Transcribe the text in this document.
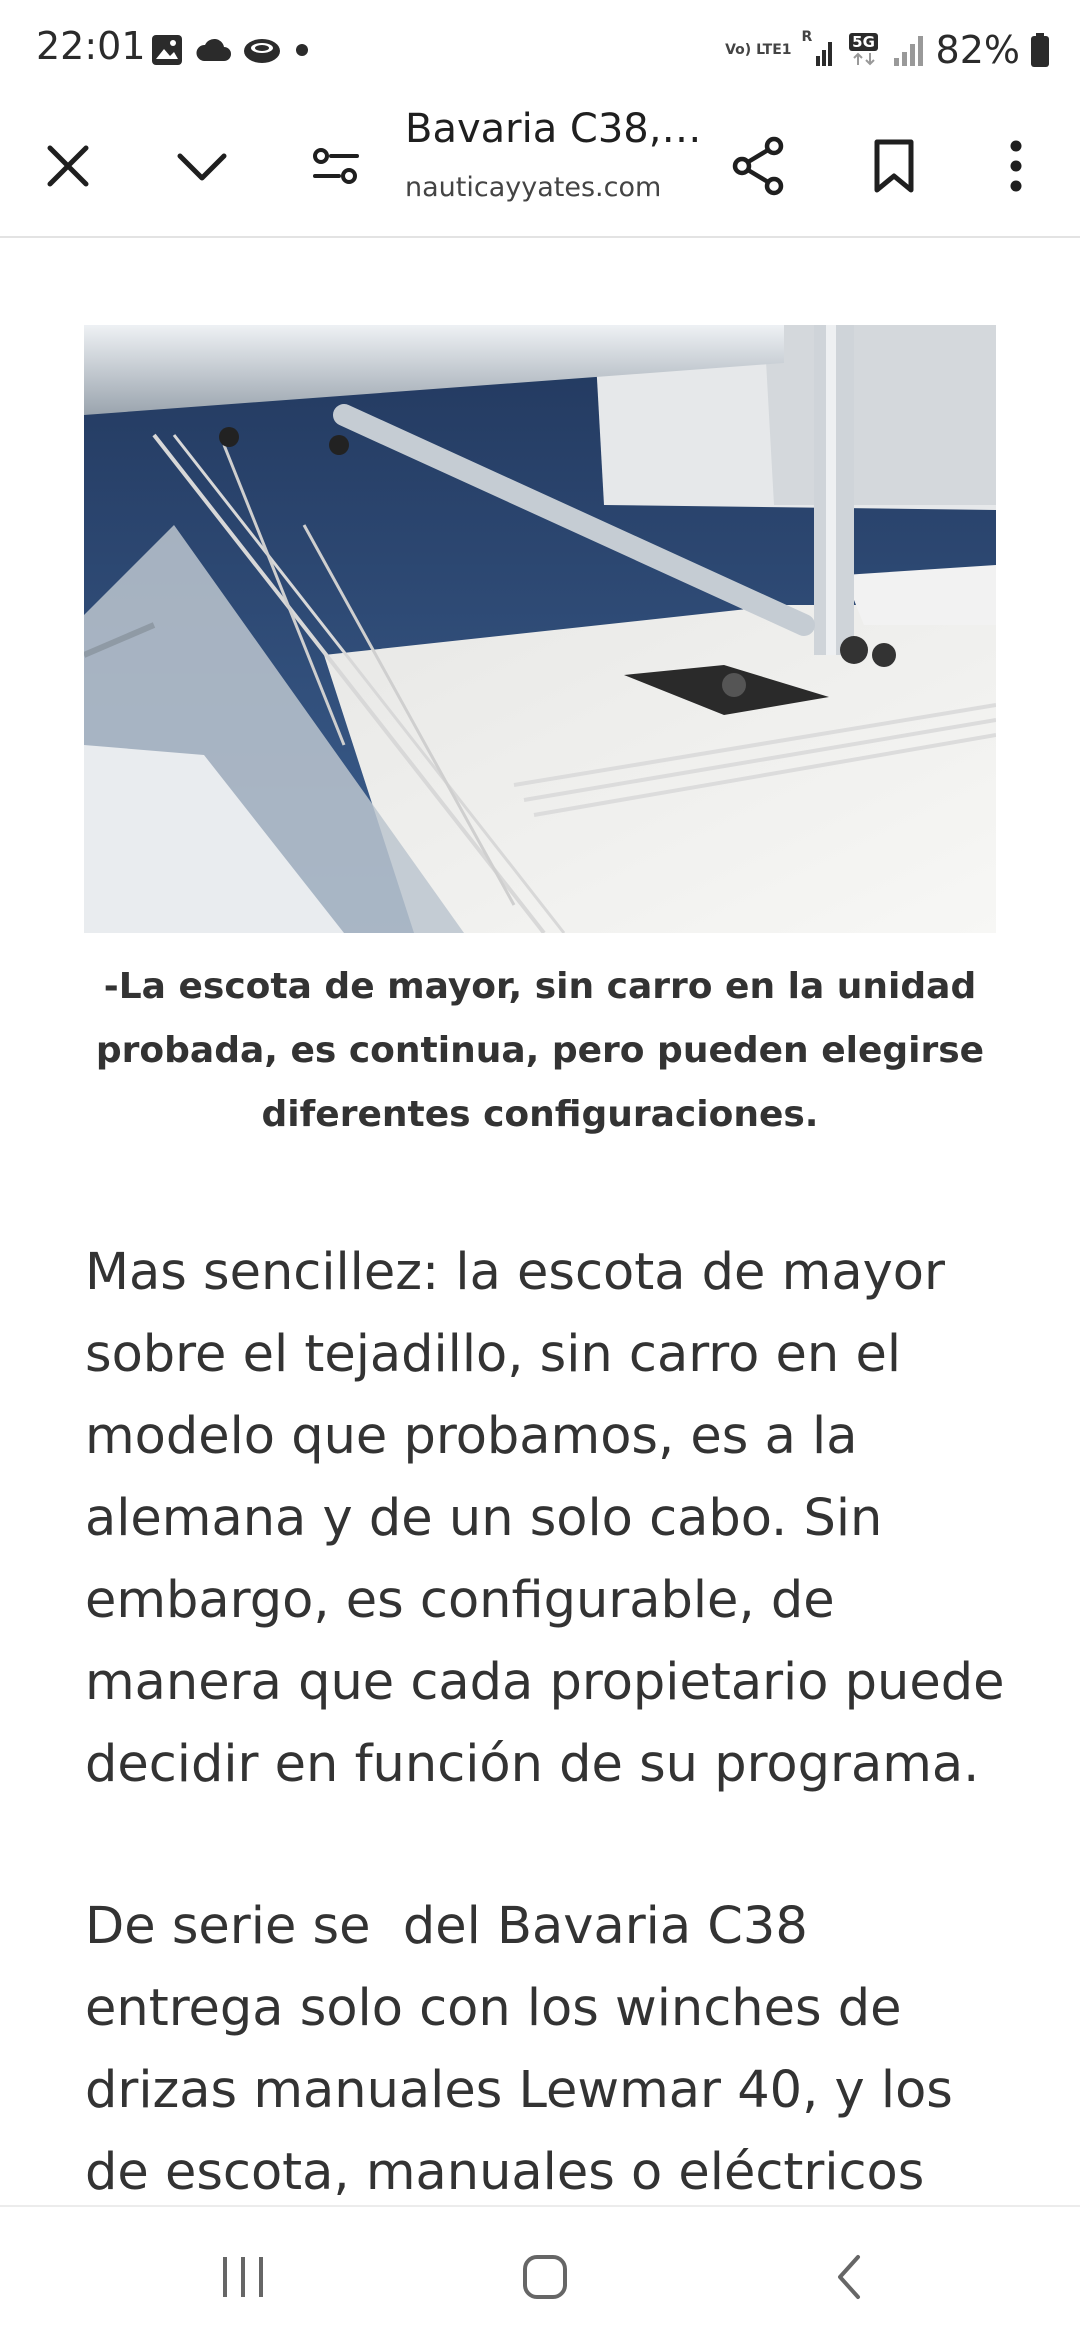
22:01	Vo) LTE1
R	5G 82%
Bavaria C38,…
nauticayyates.com
-La escota de mayor, sin carro en la unidad probada, es continua, pero pueden elegirse diferentes configuraciones.
Mas sencillez: la escota de mayor sobre el tejadillo, sin carro en el modelo que probamos, es a la alemana y de un solo cabo. Sin embargo, es configurable, de manera que cada propietario puede decidir en función de su programa.
De serie se  del Bavaria C38 entrega solo con los winches de drizas manuales Lewmar 40, y los de escota, manuales o eléctricos
